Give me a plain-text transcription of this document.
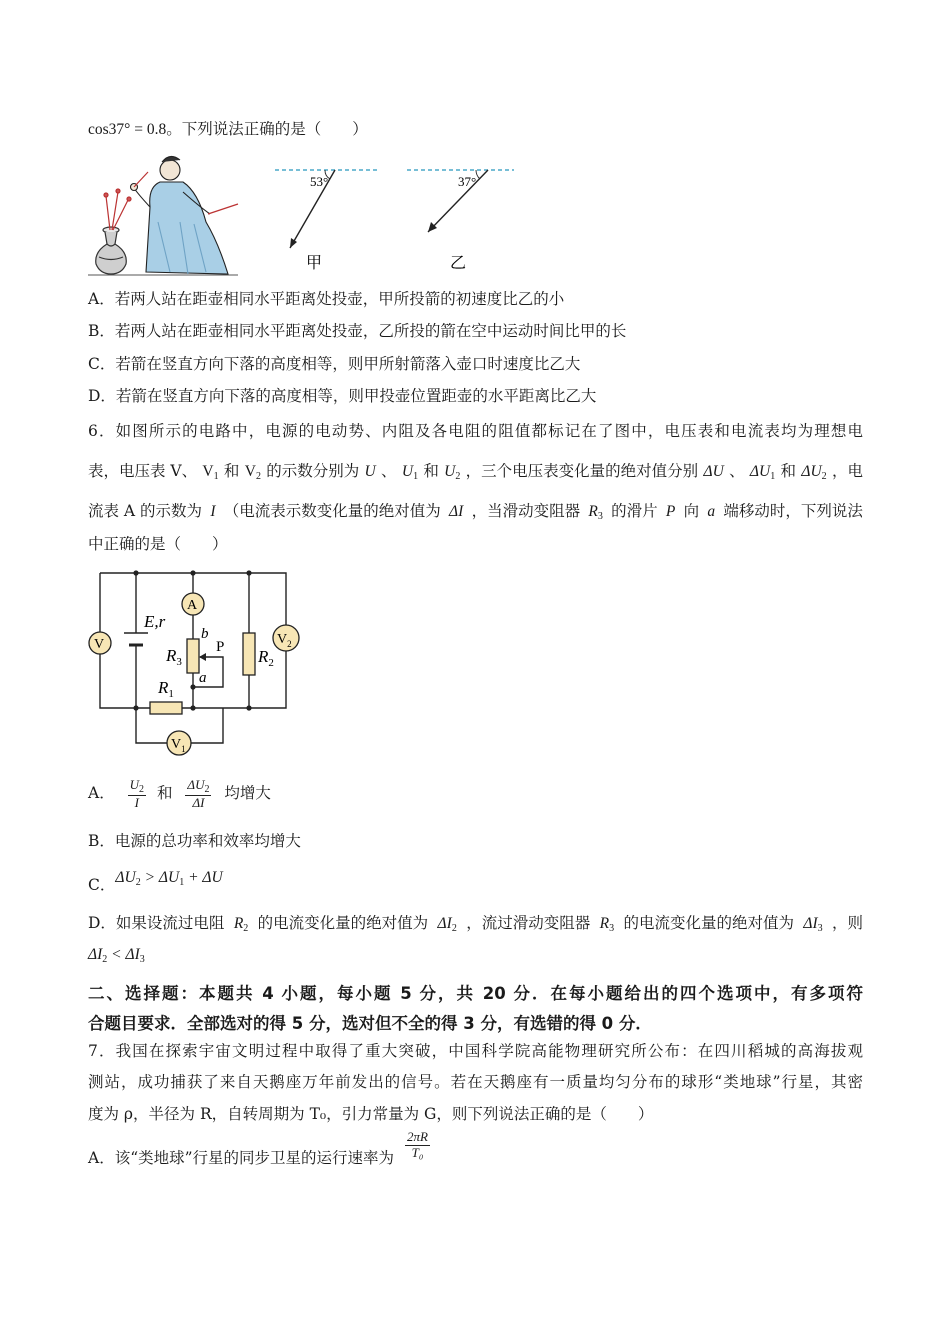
cos37° = 0.8。下列说法正确的是（　　）
53°
甲
37°
乙
A．若两人站在距壶相同水平距离处投壶，甲所投箭的初速度比乙的小
B．若两人站在距壶相同水平距离处投壶，乙所投的箭在空中运动时间比甲的长
C．若箭在竖直方向下落的高度相等，则甲所射箭落入壶口时速度比乙大
D．若箭在竖直方向下落的高度相等，则甲投壶位置距壶的水平距离比乙大
6．如图所示的电路中，电源的电动势、内阻及各电阻的阻值都标记在了图中，电压表和电流表均为理想电
表，电压表 V、 $V_1$ 和 $V_2$ 的示数分别为 U 、 $U_1$ 和 $U_2$ ，三个电压表变化量的绝对值分别 ΔU 、 $\Delta U_1$ 和 $\Delta U_2$ ，电
流表 A 的示数为 I （电流表示数变化量的绝对值为 ΔI ，当滑动变阻器 $R_3$ 的滑片 P 向 a 端移动时，下列说法
中正确的是（　　）
E,r
$R_1$
$R_3$
b
a
P $R_2$
V
A
$V_2$
$V_1$
A． $\frac{U_2}{I}$ 和 $\frac{\Delta U_2}{\Delta I}$ 均增大
B．电源的总功率和效率均增大
C．$\Delta U_2 > \Delta U_1 + \Delta U$
D．如果设流过电阻 $R_2$ 的电流变化量的绝对值为 $\Delta I_2$ ，流过滑动变阻器 $R_3$ 的电流变化量的绝对值为 $\Delta I_3$ ，则
$\Delta I_2 < \Delta I_3$
二、选择题：本题共 4 小题，每小题 5 分，共 20 分．在每小题给出的四个选项中，有多项符
合题目要求．全部选对的得 5 分，选对但不全的得 3 分，有选错的得 0 分．
7．我国在探索宇宙文明过程中取得了重大突破，中国科学院高能物理研究所公布：在四川稻城的高海拔观
测站，成功捕获了来自天鹅座万年前发出的信号。若在天鹅座有一质量均匀分布的球形“类地球”行星，其密
度为 ρ，半径为 R，自转周期为 T₀，引力常量为 G，则下列说法正确的是（　　）
A．该“类地球”行星的同步卫星的运行速率为 $\frac{2\pi R}{\text{T₀}}$
